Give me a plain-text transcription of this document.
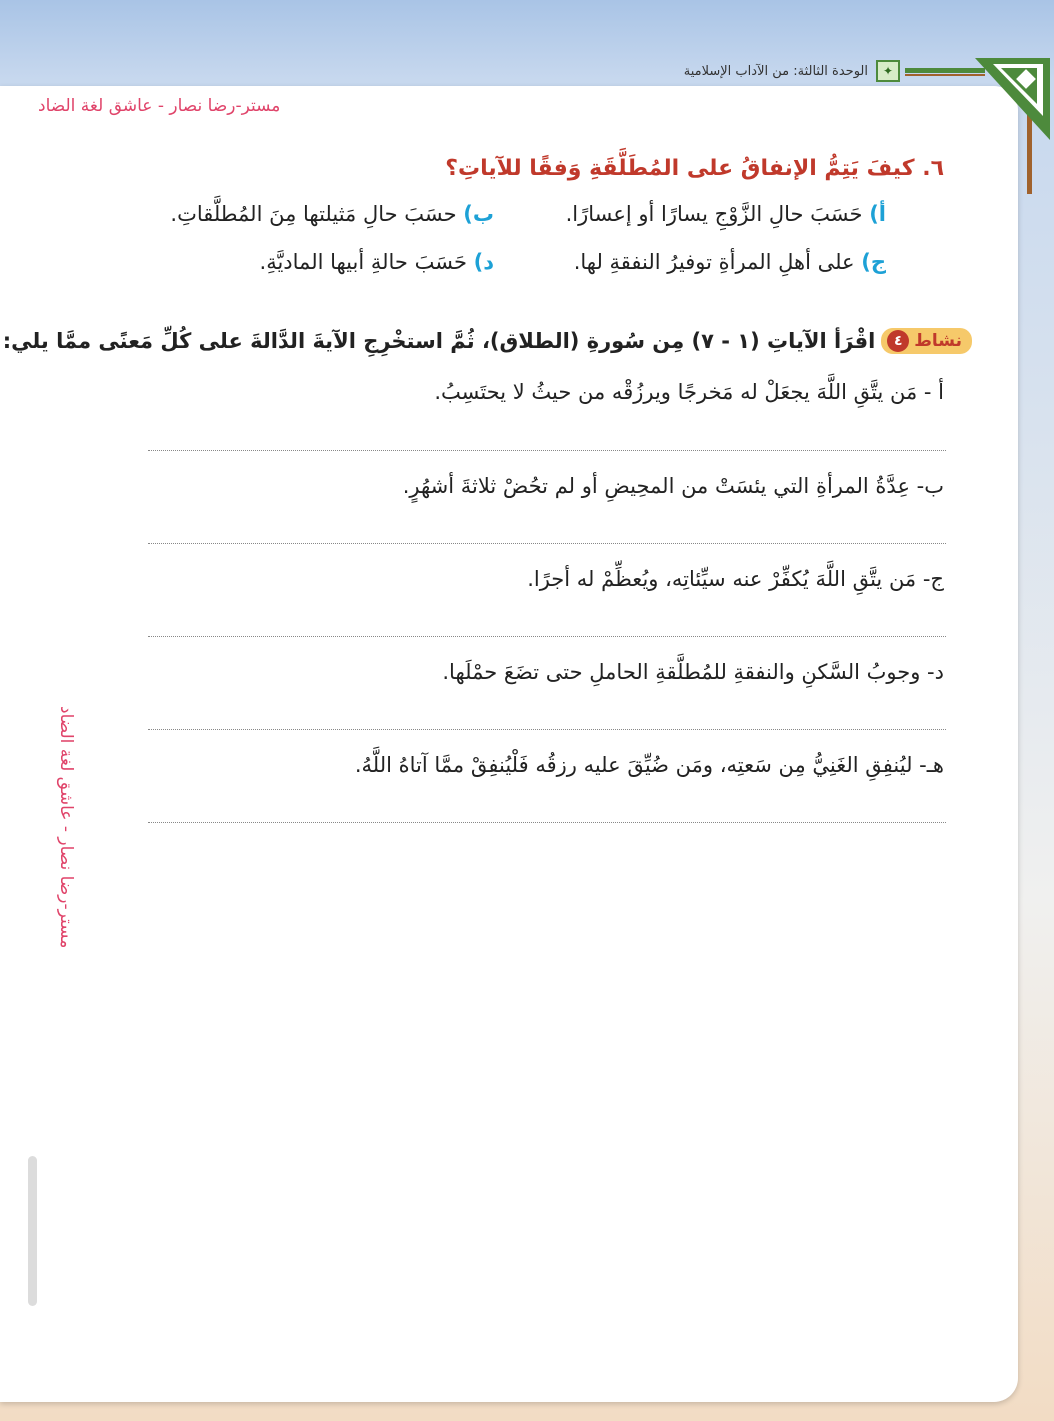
✦
الوحدة الثالثة: من الآداب الإسلامية
مستر-رضا نصار - عاشق لغة الضاد
مستر-رضا نصار - عاشق لغة الضاد
٦. كيفَ يَتِمُّ الإنفاقُ على المُطَلَّقَةِ وَفقًا للآياتِ؟
أ) حَسَبَ حالِ الزَّوْجِ يسارًا أو إعسارًا.
ب) حسَبَ حالِ مَثيلتها مِنَ المُطلَّقاتِ.
ج) على أهلِ المرأةِ توفيرُ النفقةِ لها.
د) حَسَبَ حالةِ أبيها الماديَّةِ.
نشاط
٤
اقْرَأ الآياتِ (١ - ٧) مِن سُورةِ (الطلاق)، ثُمَّ استخْرِجِ الآيةَ الدَّالةَ على كُلِّ مَعنًى ممَّا يلي:
أ - مَن يتَّقِ اللَّهَ يجعَلْ له مَخرجًا ويرزُقْه من حيثُ لا يحتَسِبُ.
ب- عِدَّةُ المرأةِ التي يئسَتْ من المحِيضِ أو لم تحُضْ ثلاثةَ أشهُرٍ.
ج- مَن يتَّقِ اللَّهَ يُكفِّرْ عنه سيِّئاتِه، ويُعظِّمْ له أجرًا.
د- وجوبُ السَّكنِ والنفقةِ للمُطلَّقةِ الحاملِ حتى تضَعَ حمْلَها.
هـ- ليُنفِقِ الغَنِيُّ مِن سَعتِه، ومَن ضُيِّقَ عليه رزقُه فَلْيُنفِقْ ممَّا آتاهُ اللَّهُ.
